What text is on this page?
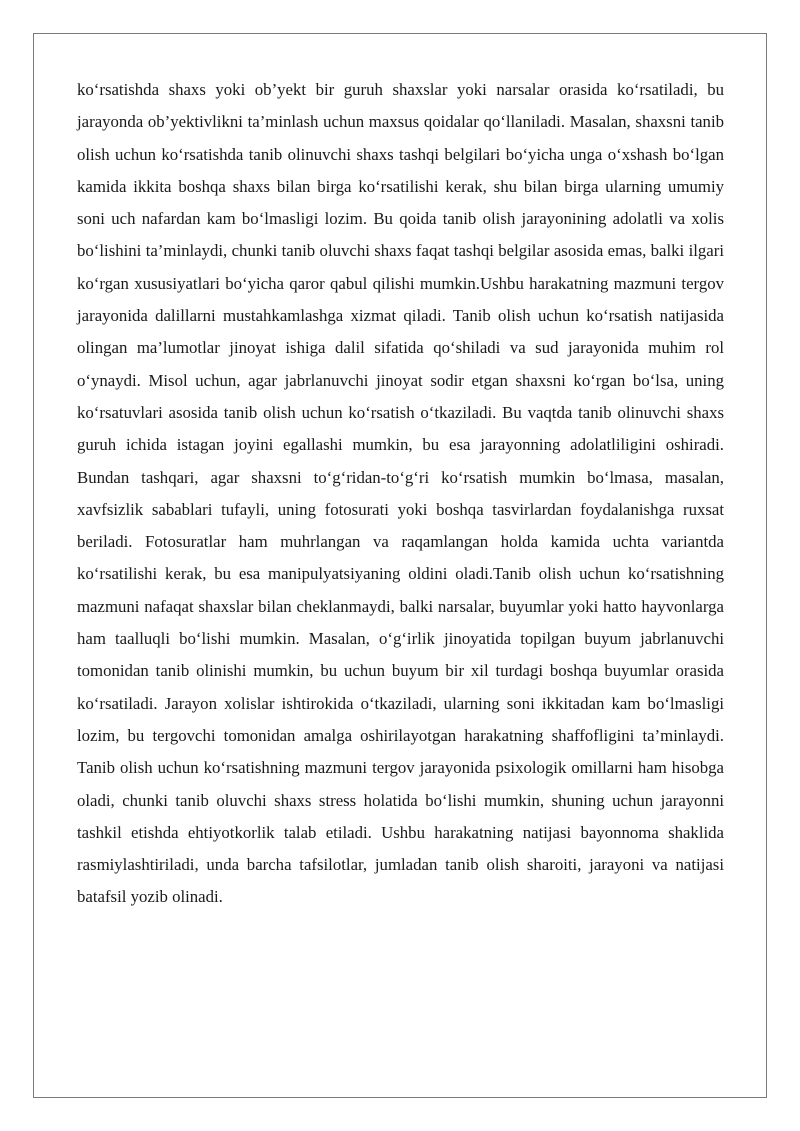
ko‘rsatishda shaxs yoki ob’yekt bir guruh shaxslar yoki narsalar orasida ko‘rsatiladi, bu jarayonda ob’yektivlikni ta’minlash uchun maxsus qoidalar qo‘llaniladi. Masalan, shaxsni tanib olish uchun ko‘rsatishda tanib olinuvchi shaxs tashqi belgilari bo‘yicha unga o‘xshash bo‘lgan kamida ikkita boshqa shaxs bilan birga ko‘rsatilishi kerak, shu bilan birga ularning umumiy soni uch nafardan kam bo‘lmasligi lozim. Bu qoida tanib olish jarayonining adolatli va xolis bo‘lishini ta’minlaydi, chunki tanib oluvchi shaxs faqat tashqi belgilar asosida emas, balki ilgari ko‘rgan xususiyatlari bo‘yicha qaror qabul qilishi mumkin.Ushbu harakatning mazmuni tergov jarayonida dalillarni mustahkamlashga xizmat qiladi. Tanib olish uchun ko‘rsatish natijasida olingan ma’lumotlar jinoyat ishiga dalil sifatida qo‘shiladi va sud jarayonida muhim rol o‘ynaydi. Misol uchun, agar jabrlanuvchi jinoyat sodir etgan shaxsni ko‘rgan bo‘lsa, uning ko‘rsatuvlari asosida tanib olish uchun ko‘rsatish o‘tkaziladi. Bu vaqtda tanib olinuvchi shaxs guruh ichida istagan joyini egallashi mumkin, bu esa jarayonning adolatliligini oshiradi. Bundan tashqari, agar shaxsni to‘g‘ridan-to‘g‘ri ko‘rsatish mumkin bo‘lmasa, masalan, xavfsizlik sabablari tufayli, uning fotosurati yoki boshqa tasvirlardan foydalanishga ruxsat beriladi. Fotosuratlar ham muhrlangan va raqamlangan holda kamida uchta variantda ko‘rsatilishi kerak, bu esa manipulyatsiyaning oldini oladi.Tanib olish uchun ko‘rsatishning mazmuni nafaqat shaxslar bilan cheklanmaydi, balki narsalar, buyumlar yoki hatto hayvonlarga ham taalluqli bo‘lishi mumkin. Masalan, o‘g‘irlik jinoyatida topilgan buyum jabrlanuvchi tomonidan tanib olinishi mumkin, bu uchun buyum bir xil turdagi boshqa buyumlar orasida ko‘rsatiladi. Jarayon xolislar ishtirokida o‘tkaziladi, ularning soni ikkitadan kam bo‘lmasligi lozim, bu tergovchi tomonidan amalga oshirilayotgan harakatning shaffofligini ta’minlaydi. Tanib olish uchun ko‘rsatishning mazmuni tergov jarayonida psixologik omillarni ham hisobga oladi, chunki tanib oluvchi shaxs stress holatida bo‘lishi mumkin, shuning uchun jarayonni tashkil etishda ehtiyotkorlik talab etiladi. Ushbu harakatning natijasi bayonnoma shaklida rasmiylashtiriladi, unda barcha tafsilotlar, jumladan tanib olish sharoiti, jarayoni va natijasi batafsil yozib olinadi.
